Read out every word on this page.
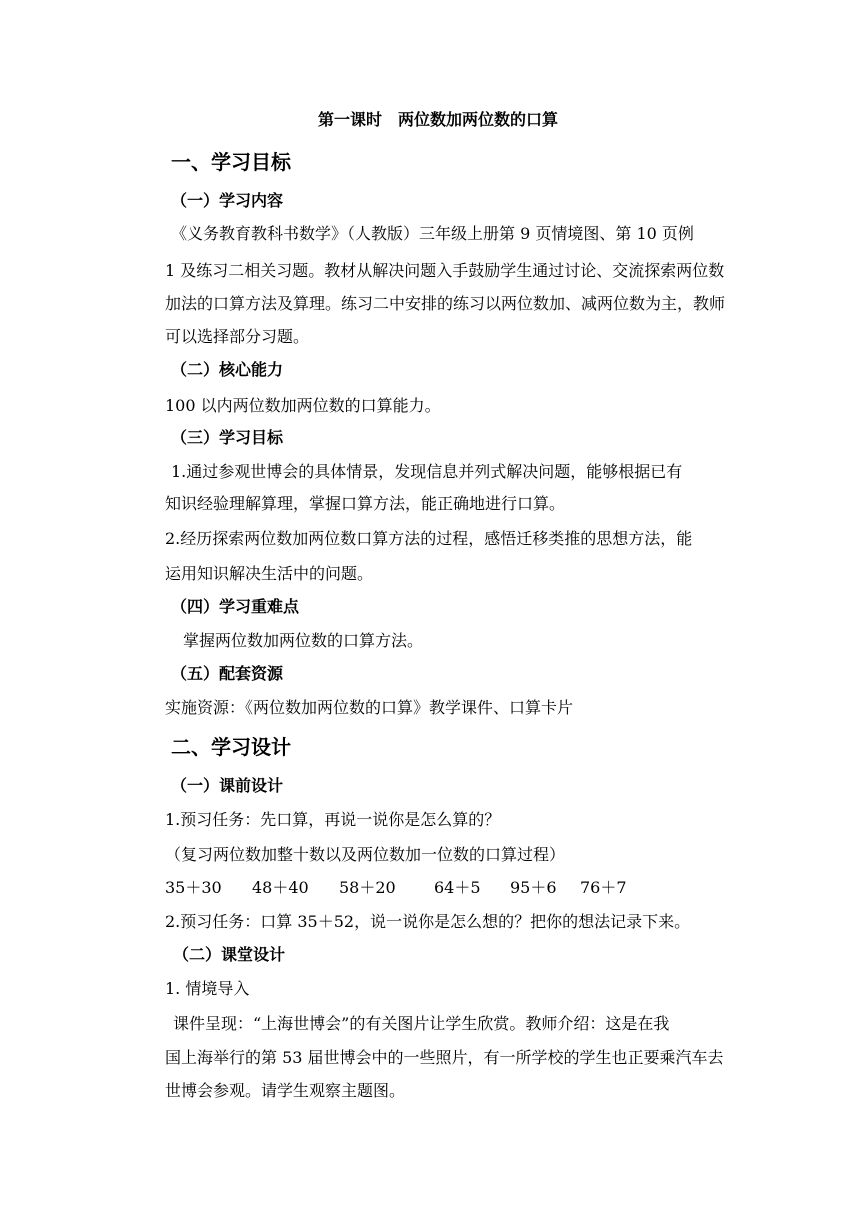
第一课时　两位数加两位数的口算
一、学习目标
（一）学习内容
《义务教育教科书数学》（人教版）三年级上册第 9 页情境图、第 10 页例
1 及练习二相关习题。教材从解决问题入手鼓励学生通过讨论、交流探索两位数
加法的口算方法及算理。练习二中安排的练习以两位数加、减两位数为主，教师
可以选择部分习题。
（二）核心能力
100 以内两位数加两位数的口算能力。
（三）学习目标
1.通过参观世博会的具体情景，发现信息并列式解决问题，能够根据已有
知识经验理解算理，掌握口算方法，能正确地进行口算。
2.经历探索两位数加两位数口算方法的过程，感悟迁移类推的思想方法，能
运用知识解决生活中的问题。
（四）学习重难点
掌握两位数加两位数的口算方法。
（五）配套资源
实施资源：《两位数加两位数的口算》教学课件、口算卡片
二、学习设计
（一）课前设计
1.预习任务：先口算，再说一说你是怎么算的？
（复习两位数加整十数以及两位数加一位数的口算过程）
35＋30 48＋40 58＋20 64＋5 95＋6 76＋7
2.预习任务：口算 35＋52，说一说你是怎么想的？把你的想法记录下来。
（二）课堂设计
1. 情境导入
课件呈现：“上海世博会”的有关图片让学生欣赏。教师介绍：这是在我
国上海举行的第 53 届世博会中的一些照片，有一所学校的学生也正要乘汽车去
世博会参观。请学生观察主题图。
